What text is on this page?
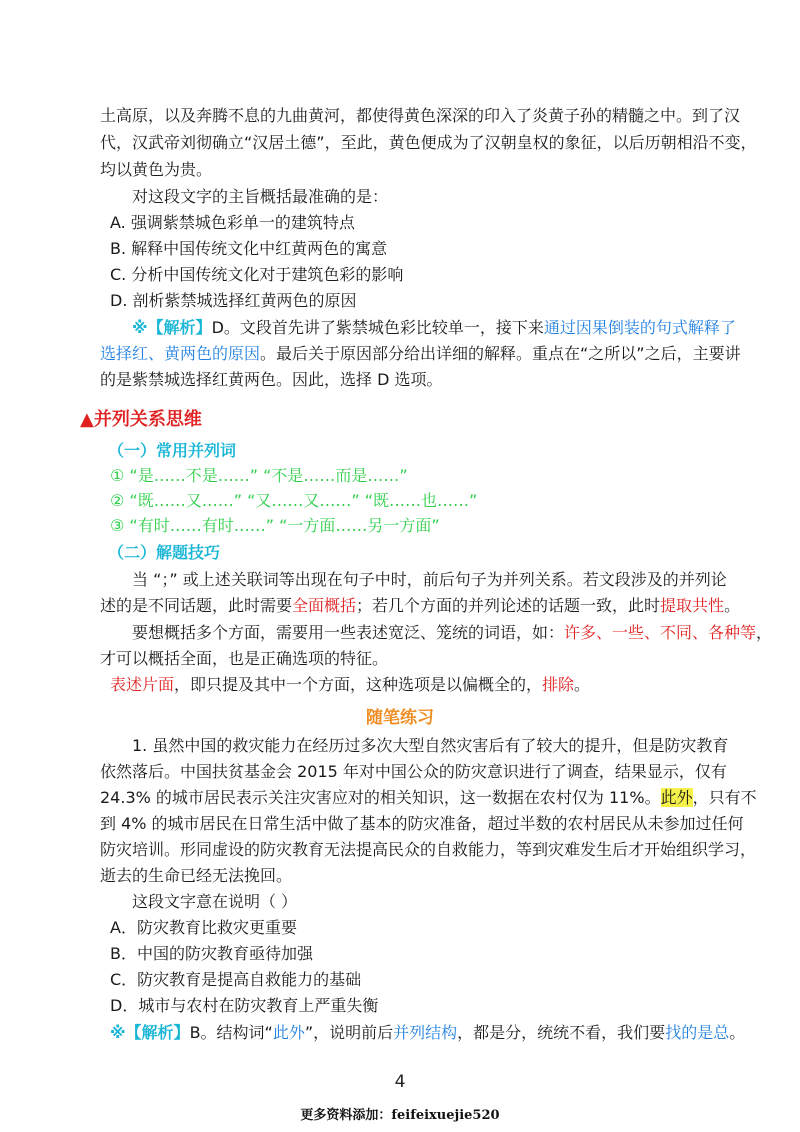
土高原，以及奔腾不息的九曲黄河，都使得黄色深深的印入了炎黄子孙的精髓之中。到了汉
代，汉武帝刘彻确立“汉居土德”，至此，黄色便成为了汉朝皇权的象征，以后历朝相沿不变，
均以黄色为贵。
对这段文字的主旨概括最准确的是：
A. 强调紫禁城色彩单一的建筑特点
B. 解释中国传统文化中红黄两色的寓意
C. 分析中国传统文化对于建筑色彩的影响
D. 剖析紫禁城选择红黄两色的原因
※【解析】D。文段首先讲了紫禁城色彩比较单一，接下来通过因果倒装的句式解释了
选择红、黄两色的原因。最后关于原因部分给出详细的解释。重点在“之所以”之后，主要讲
的是紫禁城选择红黄两色。因此，选择 D 选项。
▲并列关系思维
（一）常用并列词
① “是……不是……” “不是……而是……”
② “既……又……” “又……又……” “既……也……”
③ “有时……有时……” “一方面……另一方面”
（二）解题技巧
当 “；” 或上述关联词等出现在句子中时，前后句子为并列关系。若文段涉及的并列论
述的是不同话题，此时需要全面概括；若几个方面的并列论述的话题一致，此时提取共性。
要想概括多个方面，需要用一些表述宽泛、笼统的词语，如：许多、一些、不同、各种等，
才可以概括全面，也是正确选项的特征。
表述片面，即只提及其中一个方面，这种选项是以偏概全的，排除。
随笔练习
1. 虽然中国的救灾能力在经历过多次大型自然灾害后有了较大的提升，但是防灾教育
依然落后。中国扶贫基金会 2015 年对中国公众的防灾意识进行了调查，结果显示，仅有
24.3% 的城市居民表示关注灾害应对的相关知识，这一数据在农村仅为 11%。此外，只有不
到 4% 的城市居民在日常生活中做了基本的防灾准备，超过半数的农村居民从未参加过任何
防灾培训。形同虚设的防灾教育无法提高民众的自救能力，等到灾难发生后才开始组织学习，
逝去的生命已经无法挽回。
这段文字意在说明（ ）
A．防灾教育比救灾更重要
B．中国的防灾教育亟待加强
C．防灾教育是提高自救能力的基础
D．城市与农村在防灾教育上严重失衡
※【解析】B。结构词“此外”，说明前后并列结构，都是分，统统不看，我们要找的是总。
4
更多资料添加：feifeixuejie520
